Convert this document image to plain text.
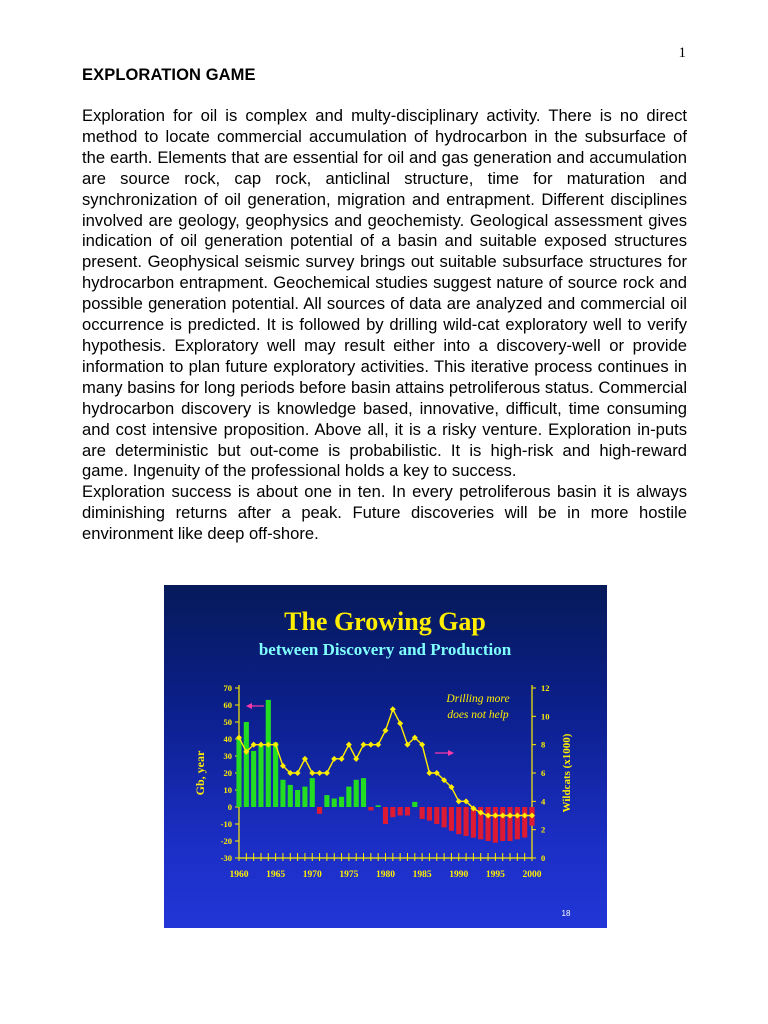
1
EXPLORATION GAME

Exploration for oil is complex and multy-disciplinary activity. There is no direct method to locate commercial accumulation of hydrocarbon in the subsurface of the earth. Elements that are essential for oil and gas generation and accumulation are source rock, cap rock, anticlinal structure, time for maturation and synchronization of oil generation, migration and entrapment. Different disciplines involved are geology, geophysics and geochemisty. Geological assessment gives indication of oil generation potential of a basin and suitable exposed structures present. Geophysical seismic survey brings out suitable subsurface structures for hydrocarbon entrapment. Geochemical studies suggest nature of source rock and possible generation potential. All sources of data are analyzed and commercial oil occurrence is predicted. It is followed by drilling wild-cat exploratory well to verify hypothesis. Exploratory well may result either into a discovery-well or provide information to plan future exploratory activities. This iterative process continues in many basins for long periods before basin attains petroliferous status. Commercial hydrocarbon discovery is knowledge based, innovative, difficult, time consuming and cost intensive proposition. Above all, it is a risky venture. Exploration in-puts are deterministic but out-come is probabilistic. It is high-risk and high-reward game. Ingenuity of the professional holds a key to success.

Exploration success is about one in ten. In every petroliferous basin it is always diminishing returns after a peak. Future discoveries will be in more hostile environment like deep off-shore.

The Growing Gap
between Discovery and Production
Gb, year	Wildcats (x1000)
Drilling more
does not help
18
70
60
50
40
30
20
10
0
-10
-20
-30
12
10
8
6
4
2
0
1960 1965 1970 1975 1980 1985 1990 1995 2000
